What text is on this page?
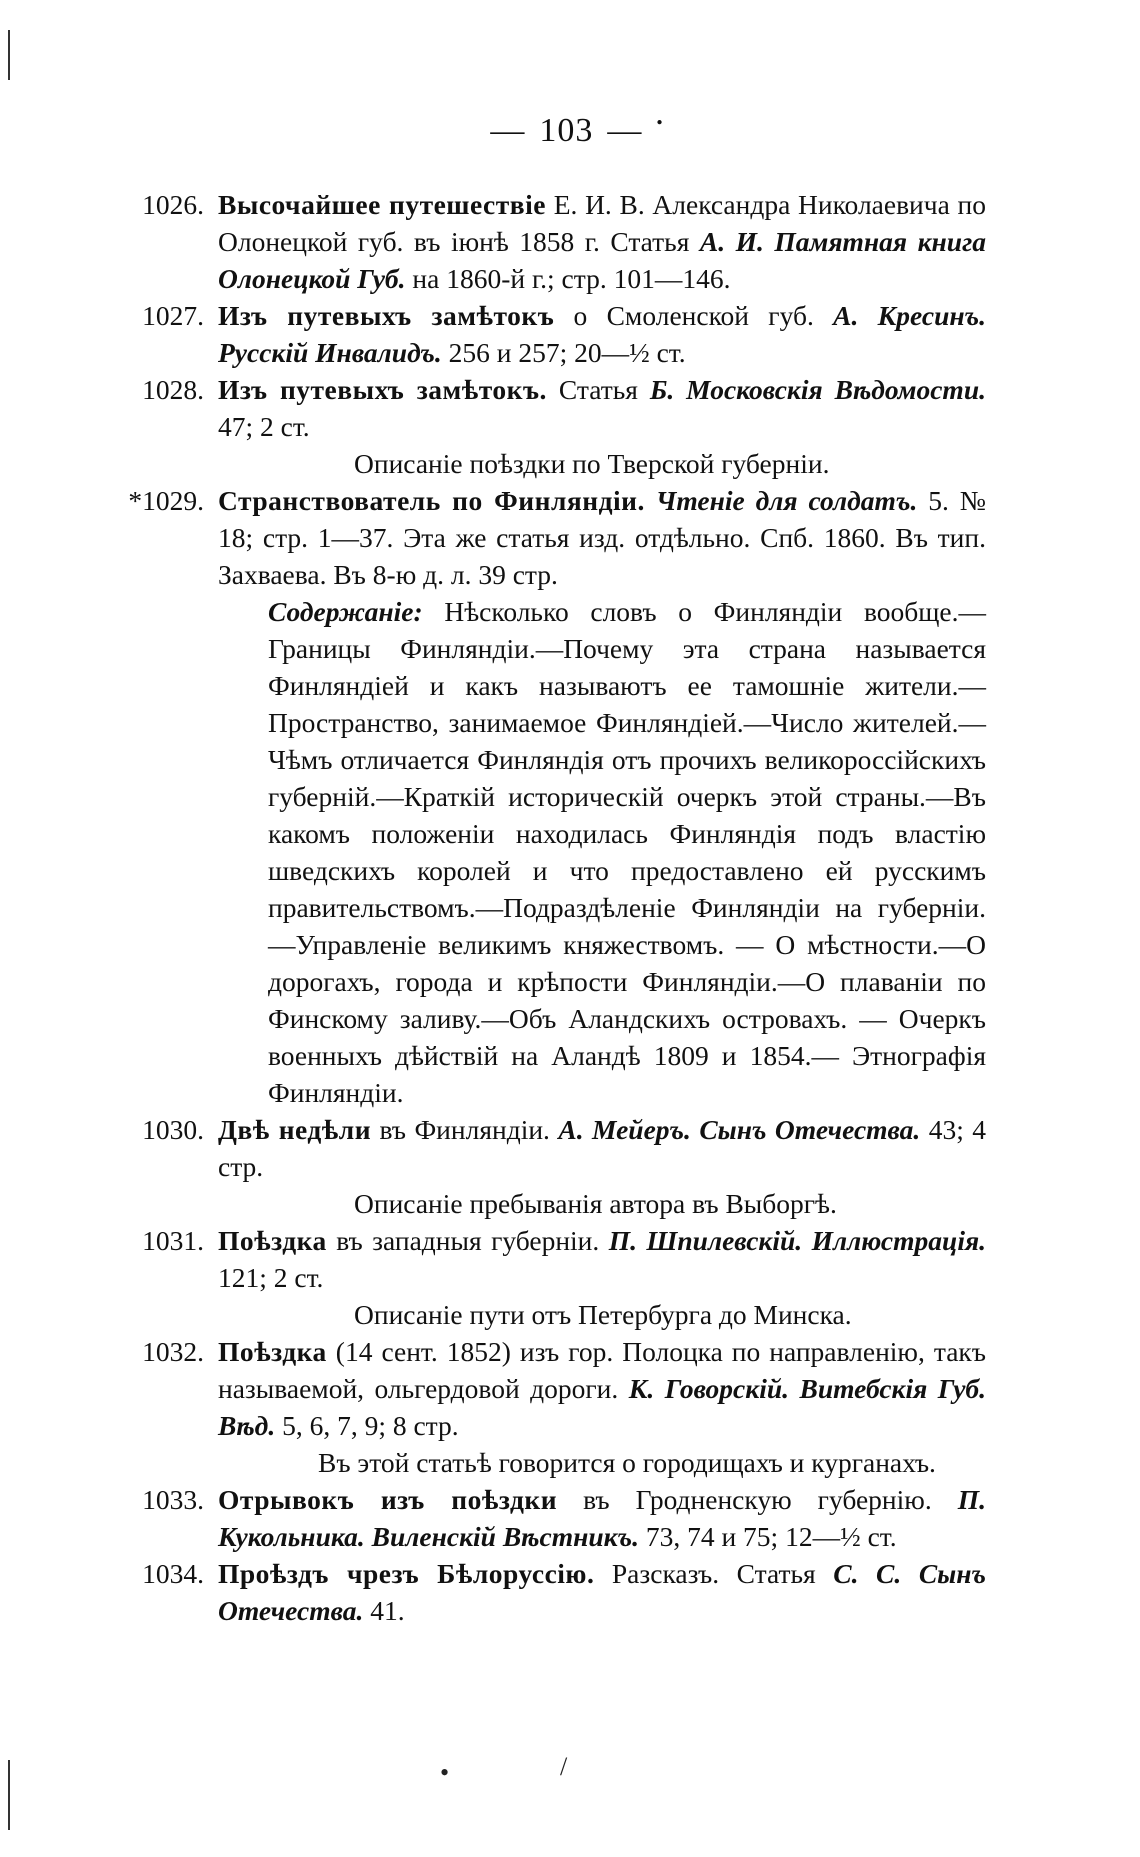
— 103 — •
1026. Высочайшее путешествіе Е. И. В. Александра Николаевича по Олонецкой губ. въ іюнѣ 1858 г. Статья А. И. Памятная книга Олонецкой Губ. на 1860-й г.; стр. 101—146.
1027. Изъ путевыхъ замѣтокъ о Смоленской губ. А. Кресинъ. Русскій Инвалидъ. 256 и 257; 20—½ ст.
1028. Изъ путевыхъ замѣтокъ. Статья Б. Московскія Вѣдомости. 47; 2 ст.
Описаніе поѣздки по Тверской губерніи.
*1029. Странствователь по Финляндіи. Чтеніе для солдатъ. 5. № 18; стр. 1—37. Эта же статья изд. отдѣльно. Спб. 1860. Въ тип. Захваева. Въ 8-ю д. л. 39 стр.
Содержаніе: Нѣсколько словъ о Финляндіи вообще.— Границы Финляндіи.—Почему эта страна называется Финляндіей и какъ называютъ ее тамошніе жители.—Пространство, занимаемое Финляндіей.—Число жителей.— Чѣмъ отличается Финляндія отъ прочихъ великороссійскихъ губерній.—Краткій историческій очеркъ этой страны.—Въ какомъ положеніи находилась Финляндія подъ властію шведскихъ королей и что предоставлено ей русскимъ правительствомъ.—Подраздѣленіе Финляндіи на губерніи.—Управленіе великимъ княжествомъ. — О мѣстности.—О дорогахъ, города и крѣпости Финляндіи.—О плаваніи по Финскому заливу.—Объ Аландскихъ островахъ. — Очеркъ военныхъ дѣйствій на Аландѣ 1809 и 1854.— Этнографія Финляндіи.
1030. Двѣ недѣли въ Финляндіи. А. Мейеръ. Сынъ Отечества. 43; 4 стр.
Описаніе пребыванія автора въ Выборгѣ.
1031. Поѣздка въ западныя губерніи. П. Шпилевскій. Иллюстрація. 121; 2 ст.
Описаніе пути отъ Петербурга до Минска.
1032. Поѣздка (14 сент. 1852) изъ гор. Полоцка по направленію, такъ называемой, ольгердовой дороги. К. Говорскій. Витебскія Губ. Вѣд. 5, 6, 7, 9; 8 стр.
Въ этой статьѣ говорится о городищахъ и курганахъ.
1033. Отрывокъ изъ поѣздки въ Гродненскую губернію. П. Кукольника. Виленскій Вѣстникъ. 73, 74 и 75; 12—½ ст.
1034. Проѣздъ чрезъ Бѣлоруссію. Разсказъ. Статья С. С. Сынъ Отечества. 41.
•	/
